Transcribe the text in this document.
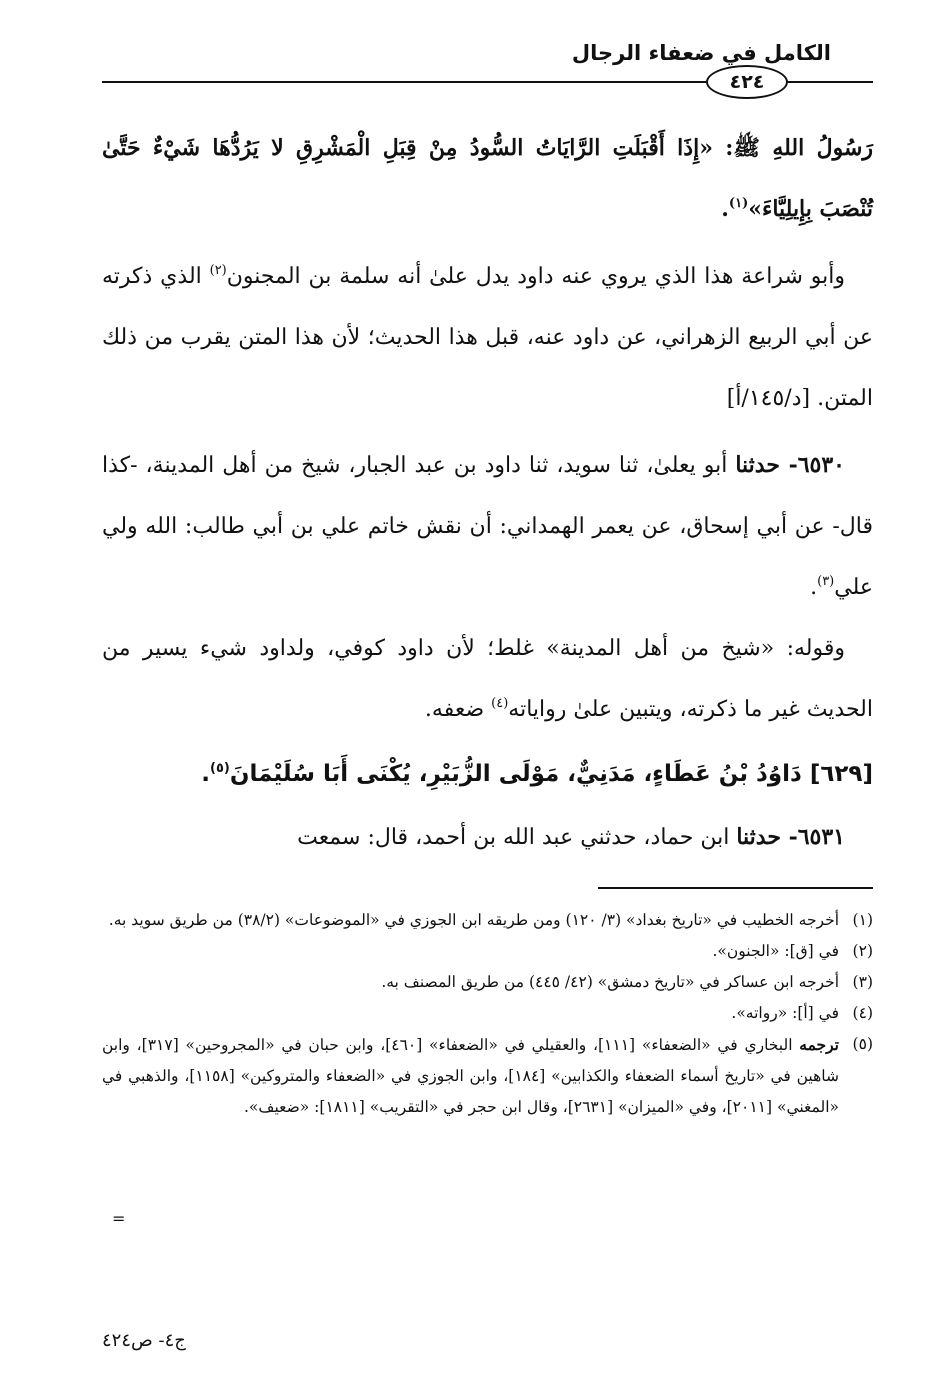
الكامل في ضعفاء الرجال
٤٢٤

رَسُولُ اللهِ ﷺ: «إِذَا أَقْبَلَتِ الرَّايَاتُ السُّودُ مِنْ قِبَلِ الْمَشْرِقِ لا يَرُدُّهَا شَيْءٌ حَتَّىٰ تُنْصَبَ بِإِيلِيَّاءَ»$^{(١)}$.

وأبو شراعة هذا الذي يروي عنه داود يدل علىٰ أنه سلمة بن المجنون$^{(٢)}$ الذي ذكرته عن أبي الربيع الزهراني، عن داود عنه، قبل هذا الحديث؛ لأن هذا المتن يقرب من ذلك المتن. [د/١٤٥/أ]

٦٥٣٠- حدثنا أبو يعلىٰ، ثنا سويد، ثنا داود بن عبد الجبار، شيخ من أهل المدينة، -كذا قال- عن أبي إسحاق، عن يعمر الهمداني: أن نقش خاتم علي بن أبي طالب: الله ولي علي$^{(٣)}$.

وقوله: «شيخ من أهل المدينة» غلط؛ لأن داود كوفي، ولداود شيء يسير من الحديث غير ما ذكرته، ويتبين علىٰ رواياته$^{(٤)}$ ضعفه.

[٦٢٩] دَاوُدُ بْنُ عَطَاءٍ، مَدَنِيٌّ، مَوْلَى الزُّبَيْرِ، يُكْنَى أَبَا سُلَيْمَانَ$^{(٥)}$.

٦٥٣١- حدثنا ابن حماد، حدثني عبد الله بن أحمد، قال: سمعت

(١)
أخرجه الخطيب في «تاريخ بغداد» (٣/ ١٢٠) ومن طريقه ابن الجوزي في «الموضوعات» (٣٨/٢) من طريق سويد به.

(٢)
في [ق]: «الجنون».

(٣)
أخرجه ابن عساكر في «تاريخ دمشق» (٤٢/ ٤٤٥) من طريق المصنف به.

(٤)
في [أ]: «رواته».

(٥)
ترجمه البخاري في «الضعفاء» [١١١]، والعقيلي في «الضعفاء» [٤٦٠]، وابن حبان في «المجروحين» [٣١٧]، وابن شاهين في «تاريخ أسماء الضعفاء والكذابين» [١٨٤]، وابن الجوزي في «الضعفاء والمتروكين» [١١٥٨]، والذهبي في «المغني» [٢٠١١]، وفي «الميزان» [٢٦٣١]، وقال ابن حجر في «التقريب» [١٨١١]: «ضعيف».

=
ج٤- ص٤٢٤
